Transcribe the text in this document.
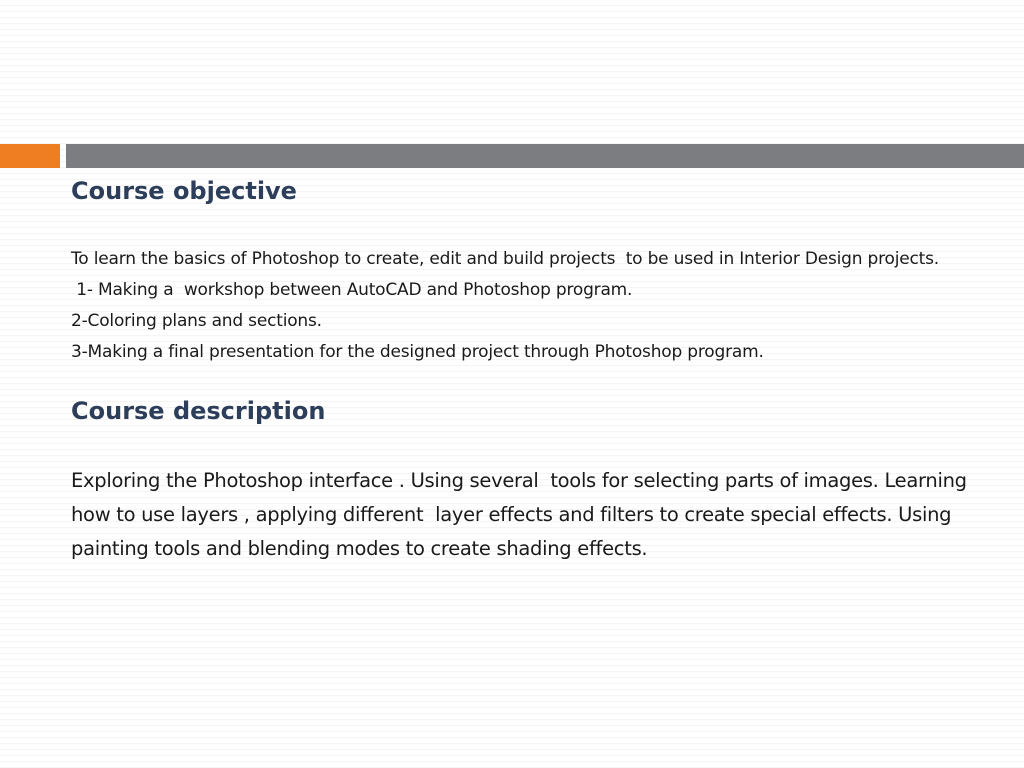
Course objective

To learn the basics of Photoshop to create, edit and build projects  to be used in Interior Design projects.
1- Making a  workshop between AutoCAD and Photoshop program.
2-Coloring plans and sections.
3-Making a final presentation for the designed project through Photoshop program.

Course description

Exploring the Photoshop interface . Using several  tools for selecting parts of images. Learning how to use layers , applying different  layer effects and filters to create special effects. Using  painting tools and blending modes to create shading effects.
